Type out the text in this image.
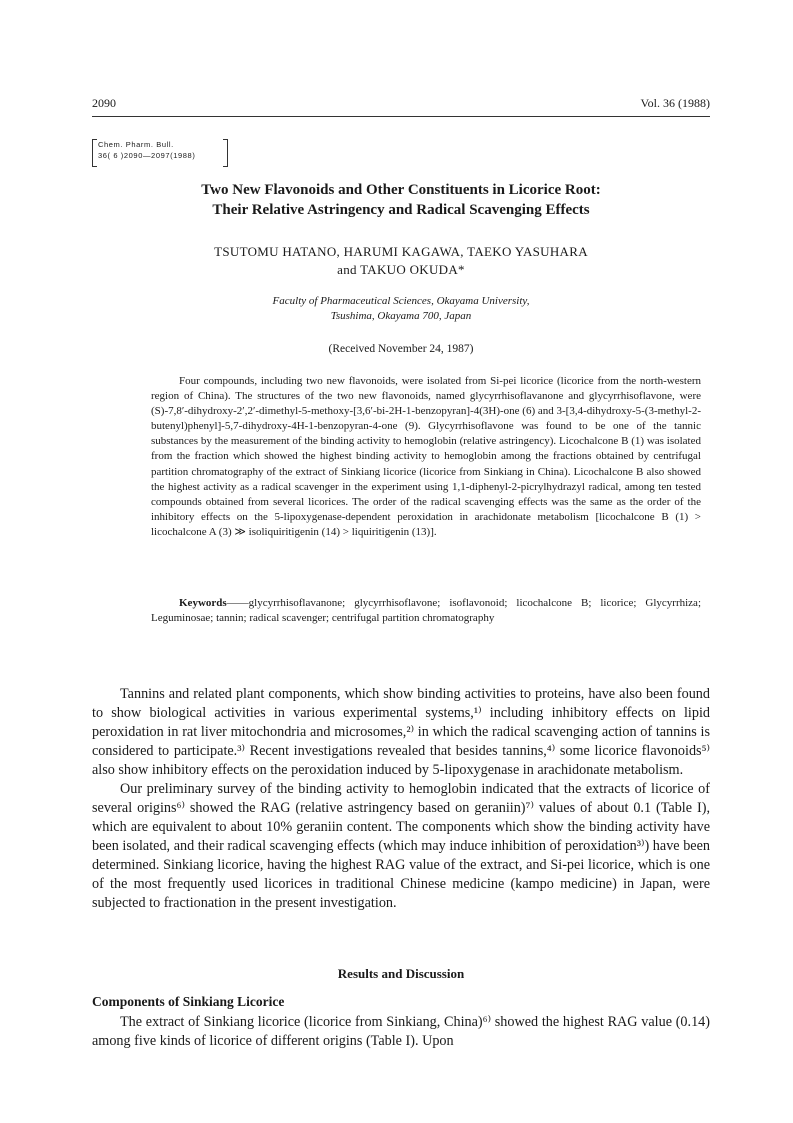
2090	Vol. 36 (1988)
Chem. Pharm. Bull.
36( 6 )2090—2097(1988)
Two New Flavonoids and Other Constituents in Licorice Root:
Their Relative Astringency and Radical Scavenging Effects
TSUTOMU HATANO, HARUMI KAGAWA, TAEKO YASUHARA
and TAKUO OKUDA*
Faculty of Pharmaceutical Sciences, Okayama University,
Tsushima, Okayama 700, Japan
(Received November 24, 1987)

Four compounds, including two new flavonoids, were isolated from Si-pei licorice (licorice from the north-western region of China). The structures of the two new flavonoids, named glycyrrhisoflavanone and glycyrrhisoflavone, were (S)-7,8′-dihydroxy-2′,2′-dimethyl-5-methoxy-[3,6′-bi-2H-1-benzopyran]-4(3H)-one (6) and 3-[3,4-dihydroxy-5-(3-methyl-2-butenyl)phenyl]-5,7-dihydroxy-4H-1-benzopyran-4-one (9). Glycyrrhisoflavone was found to be one of the tannic substances by the measurement of the binding activity to hemoglobin (relative astringency). Licochalcone B (1) was isolated from the fraction which showed the highest binding activity to hemoglobin among the fractions obtained by centrifugal partition chromatography of the extract of Sinkiang licorice (licorice from Sinkiang in China). Licochalcone B also showed the highest activity as a radical scavenger in the experiment using 1,1-diphenyl-2-picrylhydrazyl radical, among ten tested compounds obtained from several licorices. The order of the radical scavenging effects was the same as the order of the inhibitory effects on the 5-lipoxygenase-dependent peroxidation in arachidonate metabolism [licochalcone B (1) > licochalcone A (3) ≫ isoliquiritigenin (14) > liquiritigenin (13)].

Keywords——glycyrrhisoflavanone; glycyrrhisoflavone; isoflavonoid; licochalcone B; licorice; Glycyrrhiza; Leguminosae; tannin; radical scavenger; centrifugal partition chromatography

Tannins and related plant components, which show binding activities to proteins, have also been found to show biological activities in various experimental systems,¹⁾ including inhibitory effects on lipid peroxidation in rat liver mitochondria and microsomes,²⁾ in which the radical scavenging action of tannins is considered to participate.³⁾ Recent investigations revealed that besides tannins,⁴⁾ some licorice flavonoids⁵⁾ also show inhibitory effects on the peroxidation induced by 5-lipoxygenase in arachidonate metabolism.

Our preliminary survey of the binding activity to hemoglobin indicated that the extracts of licorice of several origins⁶⁾ showed the RAG (relative astringency based on geraniin)⁷⁾ values of about 0.1 (Table I), which are equivalent to about 10% geraniin content. The components which show the binding activity have been isolated, and their radical scavenging effects (which may induce inhibition of peroxidation³⁾) have been determined. Sinkiang licorice, having the highest RAG value of the extract, and Si-pei licorice, which is one of the most frequently used licorices in traditional Chinese medicine (kampo medicine) in Japan, were subjected to fractionation in the present investigation.

Results and Discussion
Components of Sinkiang Licorice

The extract of Sinkiang licorice (licorice from Sinkiang, China)⁶⁾ showed the highest RAG value (0.14) among five kinds of licorice of different origins (Table I). Upon
